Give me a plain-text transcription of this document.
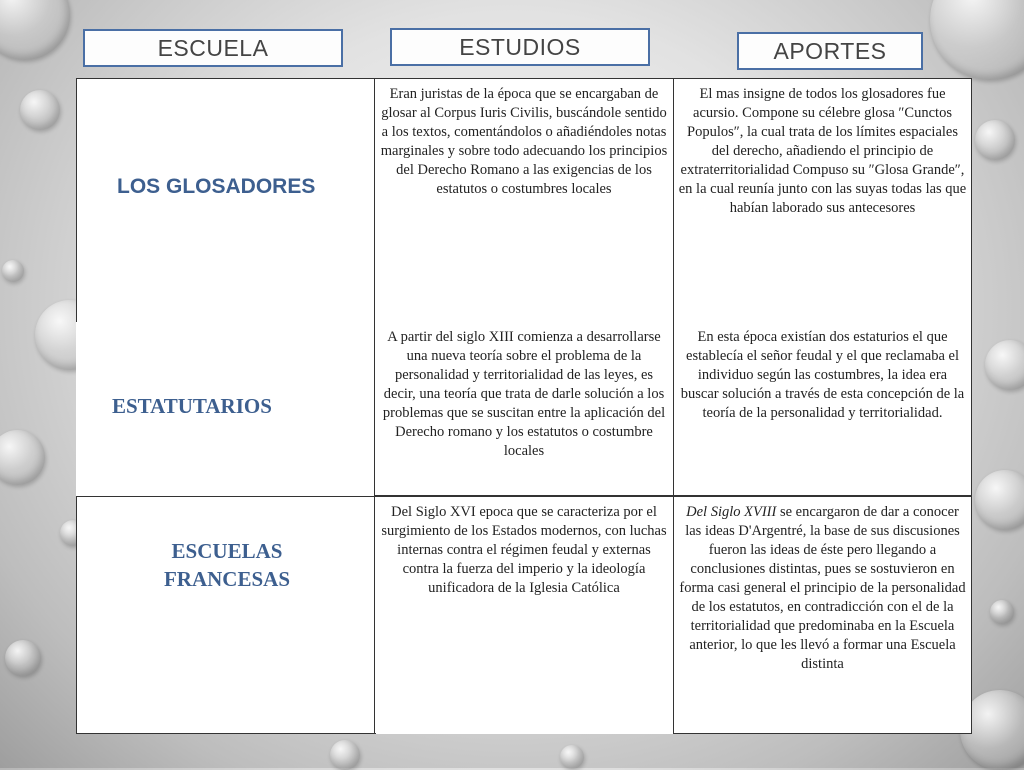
ESCUELA	ESTUDIOS	APORTES
LOS GLOSADORES
Eran juristas de la época que se encargaban de glosar al Corpus Iuris Civilis, buscándole sentido a los textos, comentándolos o añadiéndoles notas marginales y sobre todo adecuando los principios del Derecho Romano a las exigencias de los estatutos o costumbres locales
El mas insigne de todos los glosadores fue acursio. Compone su célebre glosa ″Cunctos Populos″, la cual trata de los límites espaciales del derecho, añadiendo el principio de extraterritorialidad Compuso su ″Glosa Grande″, en la cual reunía junto con las suyas todas las que habían laborado sus antecesores
ESTATUTARIOS
A partir del siglo XIII comienza a desarrollarse una nueva teoría sobre el problema de la personalidad y territorialidad de las leyes, es decir, una teoría que trata de darle solución a los problemas que se suscitan entre la aplicación del Derecho romano y los estatutos o costumbre locales
En esta época existían dos estaturios el que establecía el señor feudal y el que reclamaba el individuo según las costumbres, la idea era buscar solución a través de esta concepción de la teoría de la personalidad y territorialidad.
ESCUELAS
FRANCESAS
Del Siglo XVI epoca que se caracteriza por el surgimiento de los Estados modernos, con luchas internas contra el régimen feudal y externas contra la fuerza del imperio y la ideología unificadora de la Iglesia Católica
Del Siglo XVIII se encargaron de dar a conocer las ideas D'Argentré, la base de sus discusiones fueron las ideas de éste pero llegando a conclusiones distintas, pues se sostuvieron en forma casi general el principio de la personalidad de los estatutos, en contradicción con el de la territorialidad que predominaba en la Escuela anterior, lo que les llevó a formar una Escuela distinta
